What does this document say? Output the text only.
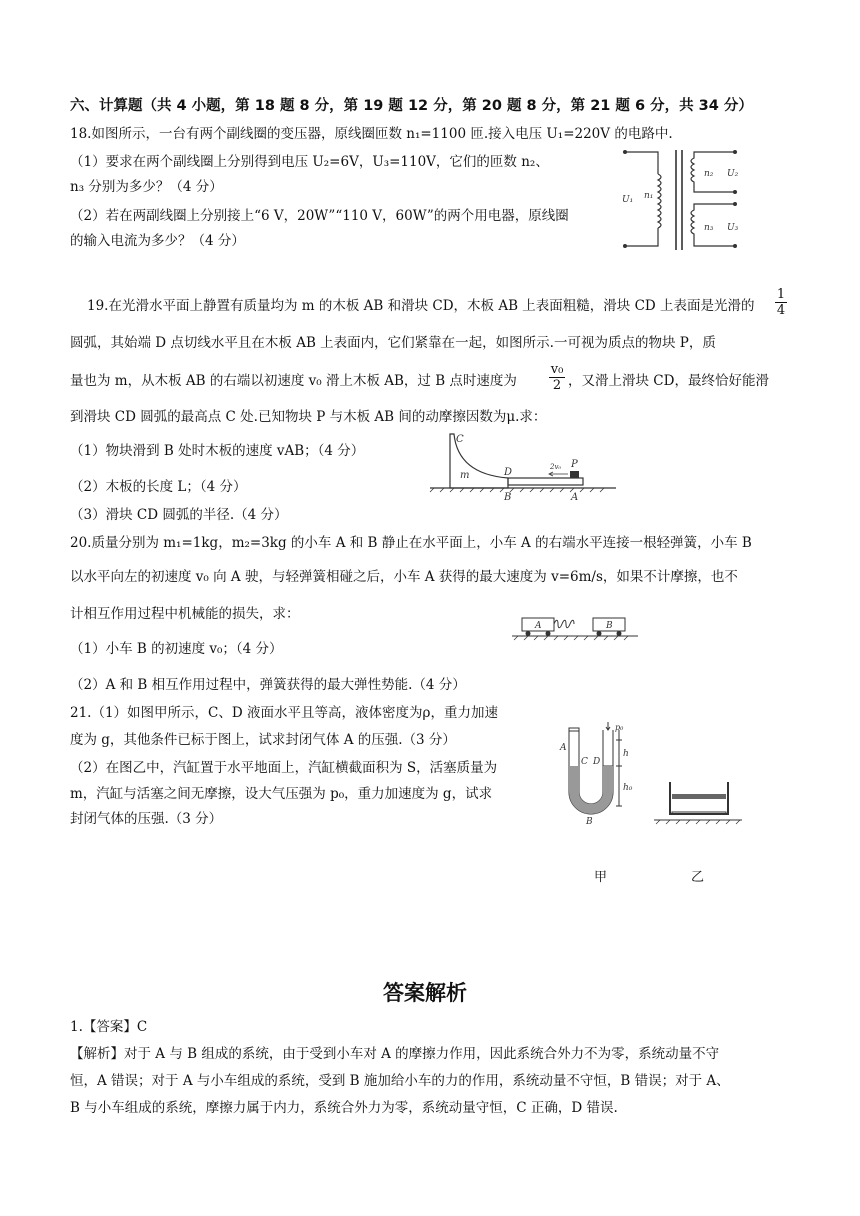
六、计算题（共 4 小题，第 18 题 8 分，第 19 题 12 分，第 20 题 8 分，第 21 题 6 分，共 34 分）
18.如图所示，一台有两个副线圈的变压器，原线圈匝数 n₁=1100 匝.接入电压 U₁=220V 的电路中.
（1）要求在两个副线圈上分别得到电压 U₂=6V，U₃=110V，它们的匝数 n₂、
n₃ 分别为多少？（4 分）
（2）若在两副线圈上分别接上“6 V，20W”“110 V，60W”的两个用电器，原线圈
的输入电流为多少？（4 分）
U₁ n₁
n₂ U₂
n₃ U₃
19.在光滑水平面上静置有质量均为 m 的木板 AB 和滑块 CD，木板 AB 上表面粗糙，滑块 CD 上表面是光滑的 $\frac{1}{4}$
圆弧，其始端 D 点切线水平且在木板 AB 上表面内，它们紧靠在一起，如图所示.一可视为质点的物块 P，质
量也为 m，从木板 AB 的右端以初速度 v₀ 滑上木板 AB，过 B 点时速度为 $\frac{\text{v₀}}{2}$ ，又滑上滑块 CD，最终恰好能滑
到滑块 CD 圆弧的最高点 C 处.已知物块 P 与木板 AB 间的动摩擦因数为μ.求：
（1）物块滑到 B 处时木板的速度 vAB；（4 分）
（2）木板的长度 L；（4 分）
（3）滑块 CD 圆弧的半径.（4 分）
C
m	D	2v₀ P
B	A
20.质量分别为 m₁=1kg，m₂=3kg 的小车 A 和 B 静止在水平面上，小车 A 的右端水平连接一根轻弹簧，小车 B
以水平向左的初速度 v₀ 向 A 驶，与轻弹簧相碰之后，小车 A 获得的最大速度为 v=6m/s，如果不计摩擦，也不
计相互作用过程中机械能的损失，求：
（1）小车 B 的初速度 v₀；（4 分）
（2）A 和 B 相互作用过程中，弹簧获得的最大弹性势能.（4 分）
A	B
21.（1）如图甲所示，C、D 液面水平且等高，液体密度为ρ，重力加速
度为 g，其他条件已标于图上，试求封闭气体 A 的压强.（3 分）
（2）在图乙中，汽缸置于水平地面上，汽缸横截面积为 S，活塞质量为
m，汽缸与活塞之间无摩擦，设大气压强为 p₀，重力加速度为 g，试求
封闭气体的压强.（3 分）
A
C D
B
p₀
h
h₀
甲	乙
答案解析
1.【答案】C
【解析】对于 A 与 B 组成的系统，由于受到小车对 A 的摩擦力作用，因此系统合外力不为零，系统动量不守
恒，A 错误；对于 A 与小车组成的系统，受到 B 施加给小车的力的作用，系统动量不守恒，B 错误；对于 A、
B 与小车组成的系统，摩擦力属于内力，系统合外力为零，系统动量守恒，C 正确，D 错误.
